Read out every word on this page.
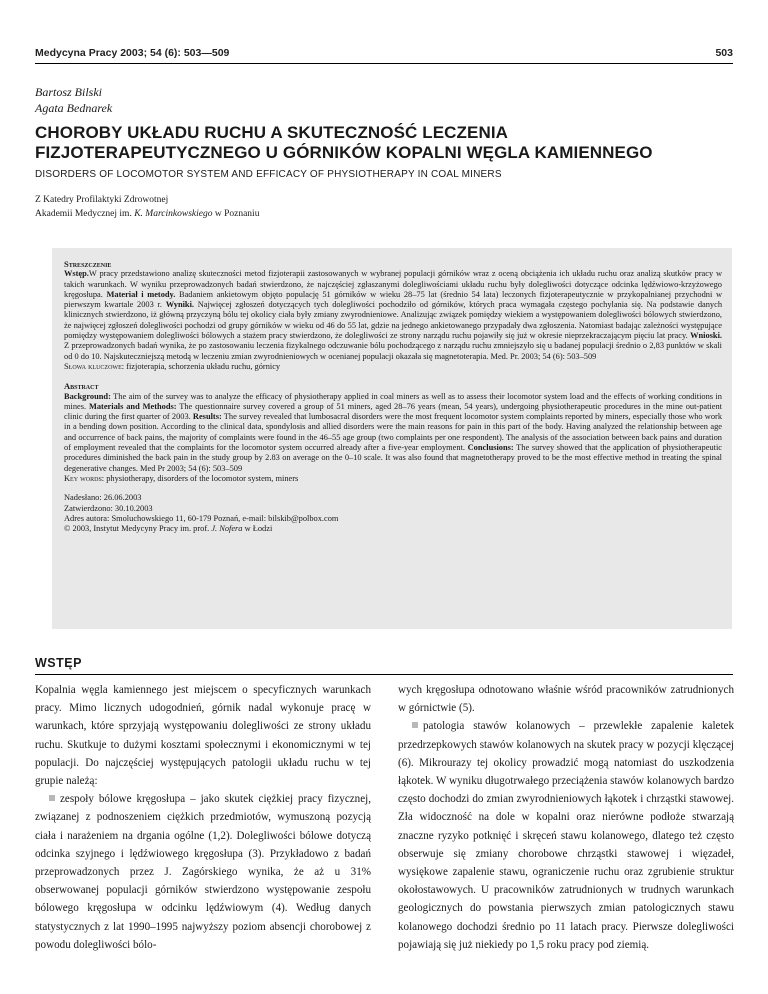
Medycyna Pracy 2003; 54 (6): 503—509	503
Bartosz Bilski
Agata Bednarek
CHOROBY UKŁADU RUCHU A SKUTECZNOŚĆ LECZENIA
FIZJOTERAPEUTYCZNEGO U GÓRNIKÓW KOPALNI WĘGLA KAMIENNEGO
DISORDERS OF LOCOMOTOR SYSTEM AND EFFICACY OF PHYSIOTHERAPY IN COAL MINERS
Z Katedry Profilaktyki Zdrowotnej
Akademii Medycznej im. K. Marcinkowskiego w Poznaniu

Streszczenie
Wstęp.W pracy przedstawiono analizę skuteczności metod fizjoterapii zastosowanych w wybranej populacji górników wraz z oceną obciążenia ich układu ruchu oraz analizą skutków pracy w takich warunkach. W wyniku przeprowadzonych badań stwierdzono, że najczęściej zgłaszanymi dolegliwościami układu ruchu były dolegliwości dotyczące odcinka lędźwiowo-krzyżowego kręgosłupa. Materiał i metody. Badaniem ankietowym objęto populację 51 górników w wieku 28–75 lat (średnio 54 lata) leczonych fizjoterapeutycznie w przykopalnianej przychodni w pierwszym kwartale 2003 r. Wyniki. Najwięcej zgłoszeń dotyczących tych dolegliwości pochodziło od górników, których praca wymagała częstego pochylania się. Na podstawie danych klinicznych stwierdzono, iż główną przyczyną bólu tej okolicy ciała były zmiany zwyrodnieniowe. Analizując związek pomiędzy wiekiem a występowaniem dolegliwości bólowych stwierdzono, że najwięcej zgłoszeń dolegliwości pochodzi od grupy górników w wieku od 46 do 55 lat, gdzie na jednego ankietowanego przypadały dwa zgłoszenia. Natomiast badając zależności występujące pomiędzy występowaniem dolegliwości bólowych a stażem pracy stwierdzono, że dolegliwości ze strony narządu ruchu pojawiły się już w okresie nieprzekraczającym pięciu lat pracy. Wnioski. Z przeprowadzonych badań wynika, że po zastosowaniu leczenia fizykalnego odczuwanie bólu pochodzącego z narządu ruchu zmniejszyło się u badanej populacji średnio o 2,83 punktów w skali od 0 do 10. Najskuteczniejszą metodą w leczeniu zmian zwyrodnieniowych w ocenianej populacji okazała się magnetoterapia. Med. Pr. 2003; 54 (6): 503–509

Słowa kluczowe: fizjoterapia, schorzenia układu ruchu, górnicy

Abstract
Background: The aim of the survey was to analyze the efficacy of physiotherapy applied in coal miners as well as to assess their locomotor system load and the effects of working conditions in mines. Materials and Methods: The questionnaire survey covered a group of 51 miners, aged 28–76 years (mean, 54 years), undergoing physiotherapeutic procedures in the mine out-patient clinic during the first quarter of 2003. Results: The survey revealed that lumbosacral disorders were the most frequent locomotor system complaints reported by miners, especially those who work in a bending down position. According to the clinical data, spondylosis and allied disorders were the main reasons for pain in this part of the body. Having analyzed the relationship between age and occurrence of back pains, the majority of complaints were found in the 46–55 age group (two complaints per one respondent). The analysis of the association between back pains and duration of employment revealed that the complaints for the locomotor system occurred already after a five-year employment. Conclusions: The survey showed that the application of physiotherapeutic procedures diminished the back pain in the study group by 2.83 on average on the 0–10 scale. It was also found that magnetotherapy proved to be the most effective method in treating the spinal degenerative changes. Med Pr 2003; 54 (6): 503–509

Key words: physiotherapy, disorders of the locomotor system, miners

Nadesłano: 26.06.2003
Zatwierdzono: 30.10.2003
Adres autora: Smoluchowskiego 11, 60-179 Poznań, e-mail: bilskib@polbox.com
© 2003, Instytut Medycyny Pracy im. prof. J. Nofera w Łodzi

WSTĘP

Kopalnia węgla kamiennego jest miejscem o specyficznych warunkach pracy. Mimo licznych udogodnień, górnik nadal wykonuje pracę w warunkach, które sprzyjają występowaniu dolegliwości ze strony układu ruchu. Skutkuje to dużymi kosztami społecznymi i ekonomicznymi w tej populacji. Do najczęściej występujących patologii układu ruchu w tej grupie należą:

zespoły bólowe kręgosłupa – jako skutek ciężkiej pracy fizycznej, związanej z podnoszeniem ciężkich przedmiotów, wymuszoną pozycją ciała i narażeniem na drgania ogólne (1,2). Dolegliwości bólowe dotyczą odcinka szyjnego i lędźwiowego kręgosłupa (3). Przykładowo z badań przeprowadzonych przez J. Zagórskiego wynika, że aż u 31% obserwowanej populacji górników stwierdzono występowanie zespołu bólowego kręgosłupa w odcinku lędźwiowym (4). Według danych statystycznych z lat 1990–1995 najwyższy poziom absencji chorobowej z powodu dolegliwości bólo-

wych kręgosłupa odnotowano właśnie wśród pracowników zatrudnionych w górnictwie (5).

patologia stawów kolanowych – przewlekłe zapalenie kaletek przedrzepkowych stawów kolanowych na skutek pracy w pozycji klęczącej (6). Mikrourazy tej okolicy prowadzić mogą natomiast do uszkodzenia łąkotek. W wyniku długotrwałego przeciążenia stawów kolanowych bardzo często dochodzi do zmian zwyrodnieniowych łąkotek i chrząstki stawowej. Zła widoczność na dole w kopalni oraz nierówne podłoże stwarzają znaczne ryzyko potknięć i skręceń stawu kolanowego, dlatego też często obserwuje się zmiany chorobowe chrząstki stawowej i więzadeł, wysiękowe zapalenie stawu, ograniczenie ruchu oraz zgrubienie struktur okołostawowych. U pracowników zatrudnionych w trudnych warunkach geologicznych do powstania pierwszych zmian patologicznych stawu kolanowego dochodzi średnio po 11 latach pracy. Pierwsze dolegliwości pojawiają się już niekiedy po 1,5 roku pracy pod ziemią.
